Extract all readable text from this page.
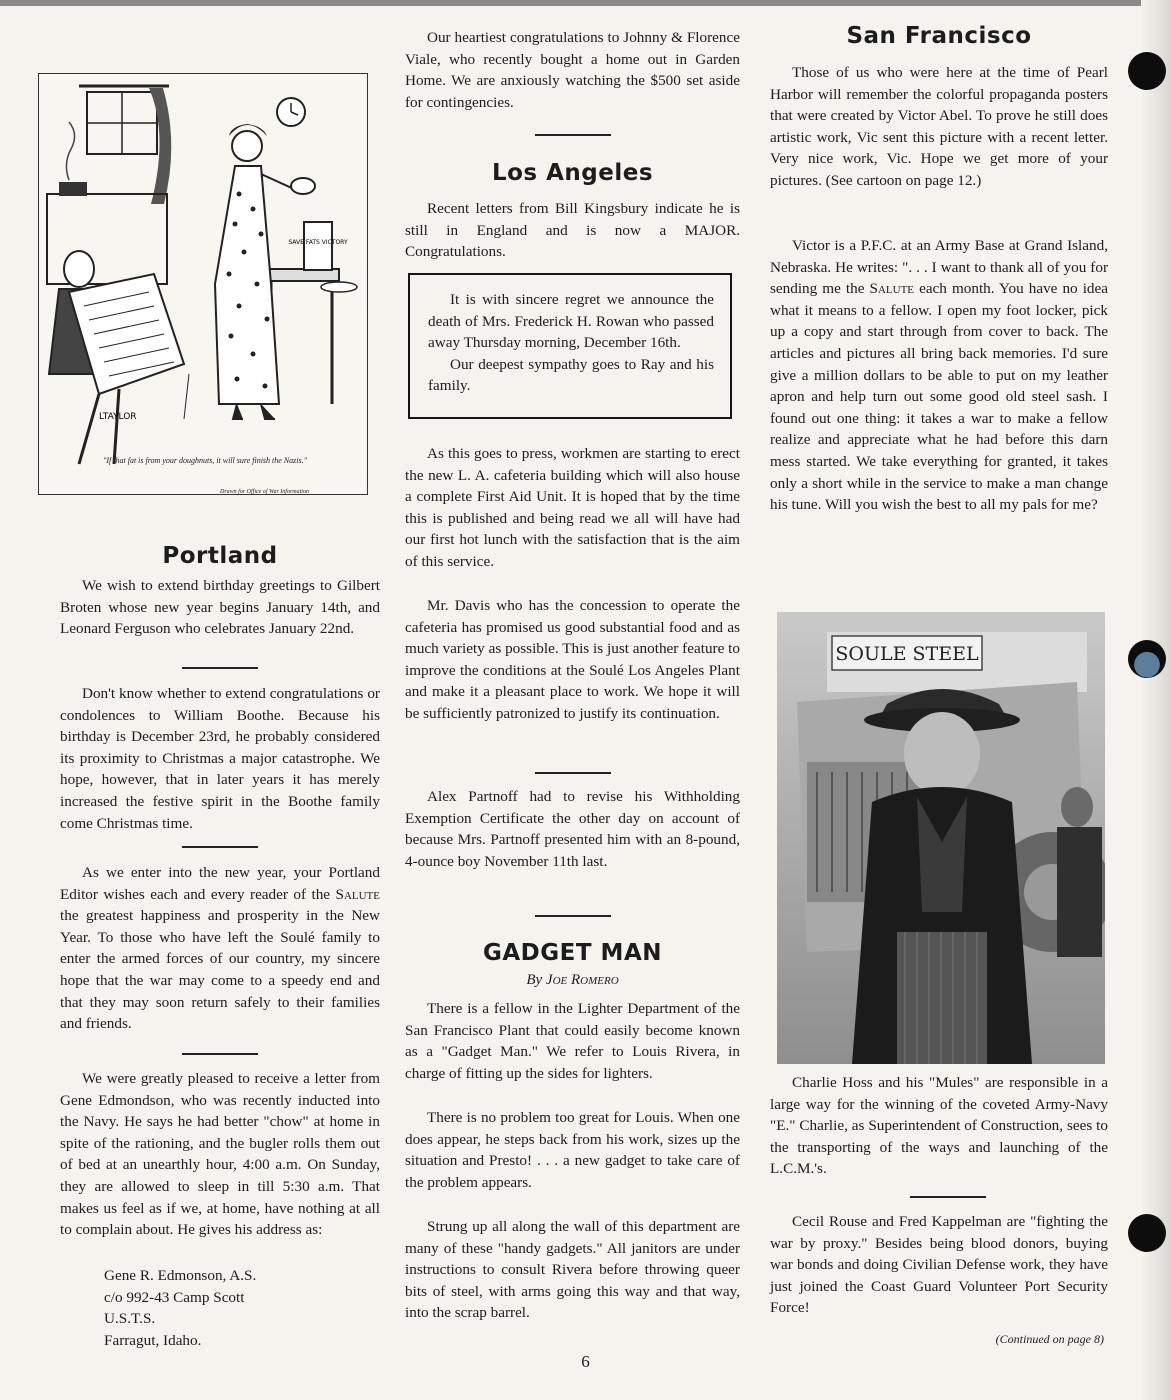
SAVE FATS VICTORY
LTAYLOR
"If that fat is from your doughnuts, it will sure finish the Nazis."
Drawn for Office of War Information
Portland

We wish to extend birthday greetings to Gilbert Broten whose new year begins January 14th, and Leonard Ferguson who celebrates January 22nd.

Don't know whether to extend congratulations or condolences to William Boothe. Because his birthday is December 23rd, he probably considered its proximity to Christmas a major catastrophe. We hope, however, that in later years it has merely increased the festive spirit in the Boothe family come Christmas time.

As we enter into the new year, your Portland Editor wishes each and every reader of the Salute the greatest happiness and prosperity in the New Year. To those who have left the Soulé family to enter the armed forces of our country, my sincere hope that the war may come to a speedy end and that they may soon return safely to their families and friends.

We were greatly pleased to receive a letter from Gene Edmondson, who was recently inducted into the Navy. He says he had better "chow" at home in spite of the rationing, and the bugler rolls them out of bed at an unearthly hour, 4:00 a.m. On Sunday, they are allowed to sleep in till 5:30 a.m. That makes us feel as if we, at home, have nothing at all to complain about. He gives his address as:

Gene R. Edmonson, A.S.
c/o 992-43 Camp Scott
U.S.T.S.
Farragut, Idaho.

Our heartiest congratulations to Johnny & Florence Viale, who recently bought a home out in Garden Home. We are anxiously watching the $500 set aside for contingencies.

Los Angeles

Recent letters from Bill Kingsbury indicate he is still in England and is now a MAJOR. Congratulations.

It is with sincere regret we announce the death of Mrs. Frederick H. Rowan who passed away Thursday morning, December 16th.

Our deepest sympathy goes to Ray and his family.

As this goes to press, workmen are starting to erect the new L. A. cafeteria building which will also house a complete First Aid Unit. It is hoped that by the time this is published and being read we all will have had our first hot lunch with the satisfaction that is the aim of this service.

Mr. Davis who has the concession to operate the cafeteria has promised us good substantial food and as much variety as possible. This is just another feature to improve the conditions at the Soulé Los Angeles Plant and make it a pleasant place to work. We hope it will be sufficiently patronized to justify its continuation.

Alex Partnoff had to revise his Withholding Exemption Certificate the other day on account of because Mrs. Partnoff presented him with an 8-pound, 4-ounce boy November 11th last.

GADGET MAN
By Joe Romero

There is a fellow in the Lighter Department of the San Francisco Plant that could easily become known as a "Gadget Man." We refer to Louis Rivera, in charge of fitting up the sides for lighters.

There is no problem too great for Louis. When one does appear, he steps back from his work, sizes up the situation and Presto! . . . a new gadget to take care of the problem appears.

Strung up all along the wall of this department are many of these "handy gadgets." All janitors are under instructions to consult Rivera before throwing queer bits of steel, with arms going this way and that way, into the scrap barrel.

San Francisco

Those of us who were here at the time of Pearl Harbor will remember the colorful propaganda posters that were created by Victor Abel. To prove he still does artistic work, Vic sent this picture with a recent letter. Very nice work, Vic. Hope we get more of your pictures. (See cartoon on page 12.)

Victor is a P.F.C. at an Army Base at Grand Island, Nebraska. He writes: ". . . I want to thank all of you for sending me the Salute each month. You have no idea what it means to a fellow. I open my foot locker, pick up a copy and start through from cover to back. The articles and pictures all bring back memories. I'd sure give a million dollars to be able to put on my leather apron and help turn out some good old steel sash. I found out one thing: it takes a war to make a fellow realize and appreciate what he had before this darn mess started. We take everything for granted, it takes only a short while in the service to make a man change his tune. Will you wish the best to all my pals for me?

SOULE STEEL

Charlie Hoss and his "Mules" are responsible in a large way for the winning of the coveted Army-Navy "E." Charlie, as Superintendent of Construction, sees to the transporting of the ways and launching of the L.C.M.'s.

Cecil Rouse and Fred Kappelman are "fighting the war by proxy." Besides being blood donors, buying war bonds and doing Civilian Defense work, they have just joined the Coast Guard Volunteer Port Security Force!

(Continued on page 8)
6
